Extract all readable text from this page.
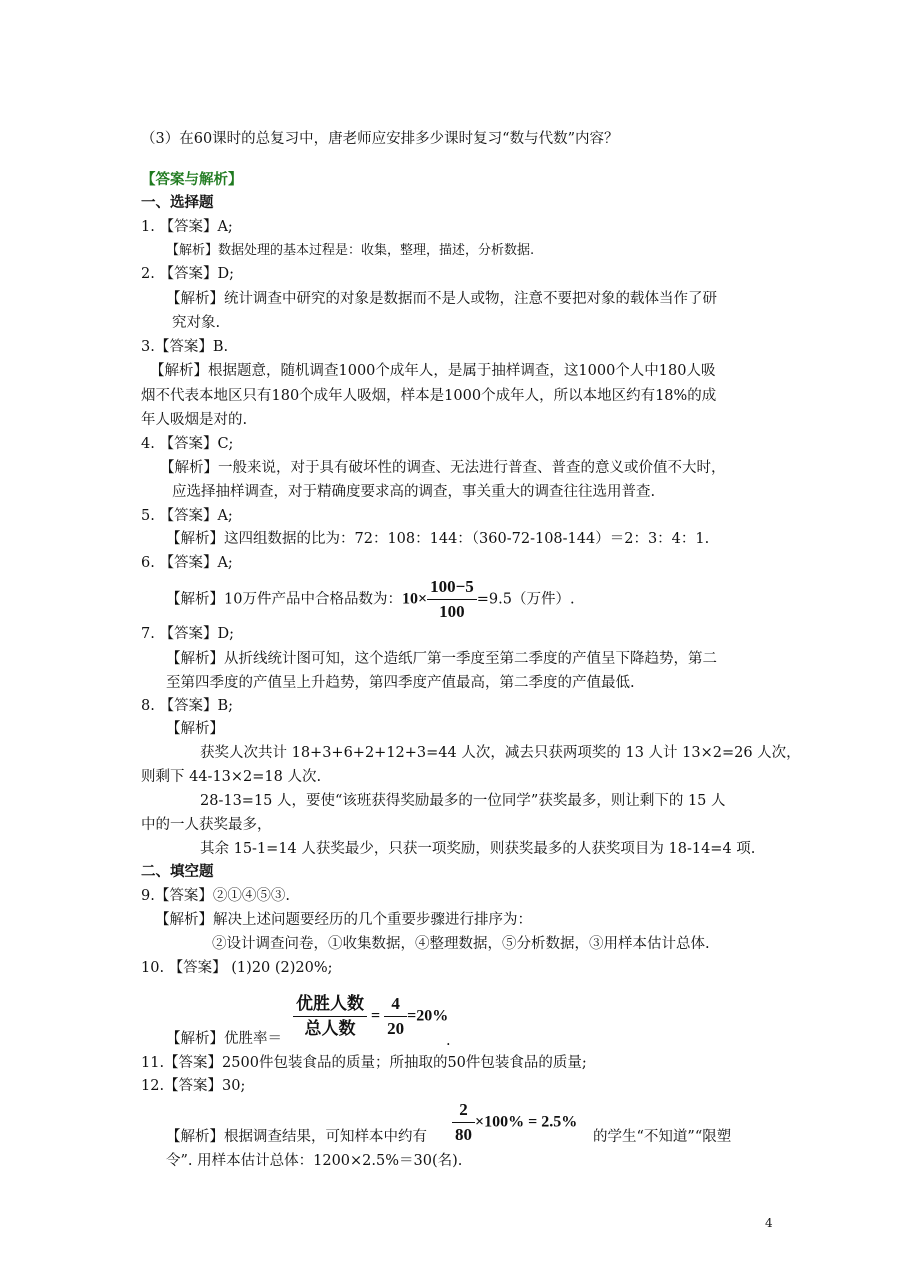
（3）在60课时的总复习中，唐老师应安排多少课时复习“数与代数”内容？
【答案与解析】
一、选择题
1. 【答案】A;
【解析】数据处理的基本过程是：收集，整理，描述，分析数据.
2. 【答案】D;
【解析】统计调查中研究的对象是数据而不是人或物，注意不要把对象的载体当作了研
究对象.
3.【答案】B.
【解析】根据题意，随机调查1000个成年人，是属于抽样调查，这1000个人中180人吸
烟不代表本地区只有180个成年人吸烟，样本是1000个成年人，所以本地区约有18%的成
年人吸烟是对的.
4. 【答案】C;
【解析】一般来说，对于具有破坏性的调查、无法进行普查、普查的意义或价值不大时，
应选择抽样调查，对于精确度要求高的调查，事关重大的调查往往选用普查.
5. 【答案】A;
【解析】这四组数据的比为：72：108：144：（360-72-108-144）＝2：3：4：1.
6. 【答案】A;
【解析】10万件产品中合格品数为：$10\times \frac{100-5}{100} =9.5$（万件）.
7. 【答案】D;
【解析】从折线统计图可知，这个造纸厂第一季度至第二季度的产值呈下降趋势，第二
至第四季度的产值呈上升趋势，第四季度产值最高，第二季度的产值最低.
8. 【答案】B;
【解析】
获奖人次共计 18+3+6+2+12+3=44 人次，减去只获两项奖的 13 人计 13×2=26 人次，
则剩下 44-13×2=18 人次.
28-13=15 人，要使“该班获得奖励最多的一位同学”获奖最多，则让剩下的 15 人
中的一人获奖最多，
其余 15-1=14 人获奖最少，只获一项奖励，则获奖最多的人获奖项目为 18-14=4 项.
二、填空题
9.【答案】②①④⑤③.
【解析】解决上述问题要经历的几个重要步骤进行排序为：
②设计调查问卷，①收集数据，④整理数据，⑤分析数据，③用样本估计总体.
10. 【答案】 (1)20 (2)20%;
$\frac{\text{优胜人数}}{\text{总人数}} = \frac{4}{20} =20\%$
【解析】优胜率＝	.
11.【答案】2500件包装食品的质量；所抽取的50件包装食品的质量;
12.【答案】30;
$\frac{2}{80} \times 100\% = 2.5\%$
【解析】根据调查结果，可知样本中约有	的学生“不知道”“限塑
令”. 用样本估计总体：1200×2.5%＝30(名).
4
